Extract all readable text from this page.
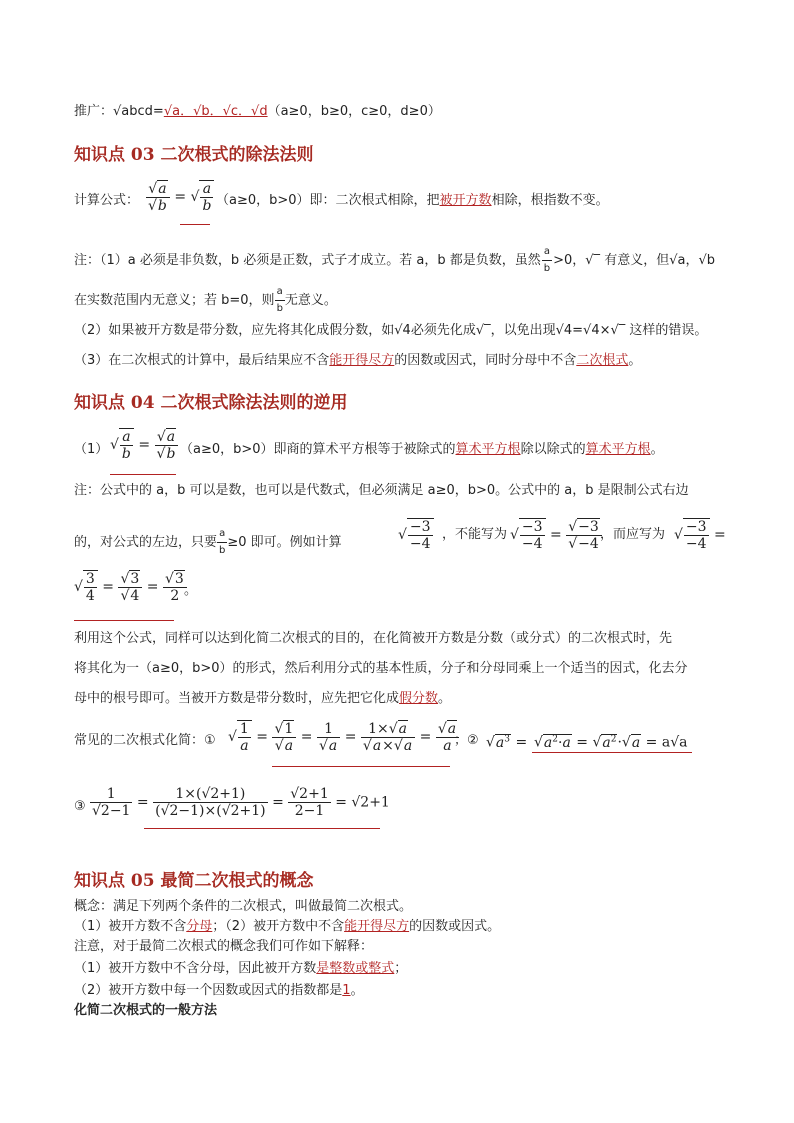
推广：√abcd=√a．√b．√c．√d（a≥0，b≥0，c≥0，d≥0）
知识点 03 二次根式的除法法则
计算公式： $\frac{√a}{√b}$ = √ $\frac{a}{b} (a\ge 0$，b>0）即：二次根式相除，把被开方数相除，根指数不变。
注：（1）a 必须是非负数，b 必须是正数，式子才成立。若 a，b 都是负数，虽然 $\frac{a}{b} >0$，√‾ 有意义，但√a，√b
在实数范围内无意义；若 b=0，则 $\frac{a}{b}$ 无意义。
（2）如果被开方数是带分数，应先将其化成假分数，如√4必须先化成√‾，以免出现√4=√4×√‾ 这样的错误。
（3）在二次根式的计算中，最后结果应不含能开得尽方的因数或因式，同时分母中不含二次根式。
知识点 04 二次根式除法法则的逆用
（1） √ $\frac{a}{b} = \frac{√a}{√b} (a\ge 0$，b>0）即商的算术平方根等于被除式的算术平方根除以除式的算术平方根。
注：公式中的 a，b 可以是数，也可以是代数式，但必须满足 a≥0，b>0。公式中的 a，b 是限制公式右边
的，对公式的左边，只要 $\frac{a}{b} \ge 0$ 即可。例如计算	√ $\frac{-3}{-4}$ ，不能写为 √ $\frac{-3}{-4} = \frac{√-3}{√-4}$
，而应写为 √ $\frac{-3}{-4}$ =
√ $\frac{3}{4} = \frac{√3}{√4} = \frac{√3}{2}$
。
利用这个公式，同样可以达到化简二次根式的目的，在化简被开方数是分数（或分式）的二次根式时，先
将其化为一（a≥0，b>0）的形式，然后利用分式的基本性质，分子和分母同乘上一个适当的因式，化去分
母中的根号即可。当被开方数是带分数时，应先把它化成假分数。
常见的二次根式化简：① √ $\frac{1}{a} = \frac{√1}{√a} = \frac{1}{√a} = \frac{1\times√a}{√a\times√a} = \frac{√a}{a}$
；② $√a^3 = √a^2\cdot a = √a^2\cdot√a = a√a$
③ $\frac{1}{√2-1} = \frac{1\times(√2+1)}{(√2-1)\times(√2+1)} = \frac{√2+1}{2-1} = √2+1$
知识点 05 最简二次根式的概念
概念：满足下列两个条件的二次根式，叫做最简二次根式。
（1）被开方数不含分母；（2）被开方数中不含能开得尽方的因数或因式。
注意，对于最简二次根式的概念我们可作如下解释：
（1）被开方数中不含分母，因此被开方数是整数或整式；
（2）被开方数中每一个因数或因式的指数都是1。
化简二次根式的一般方法
